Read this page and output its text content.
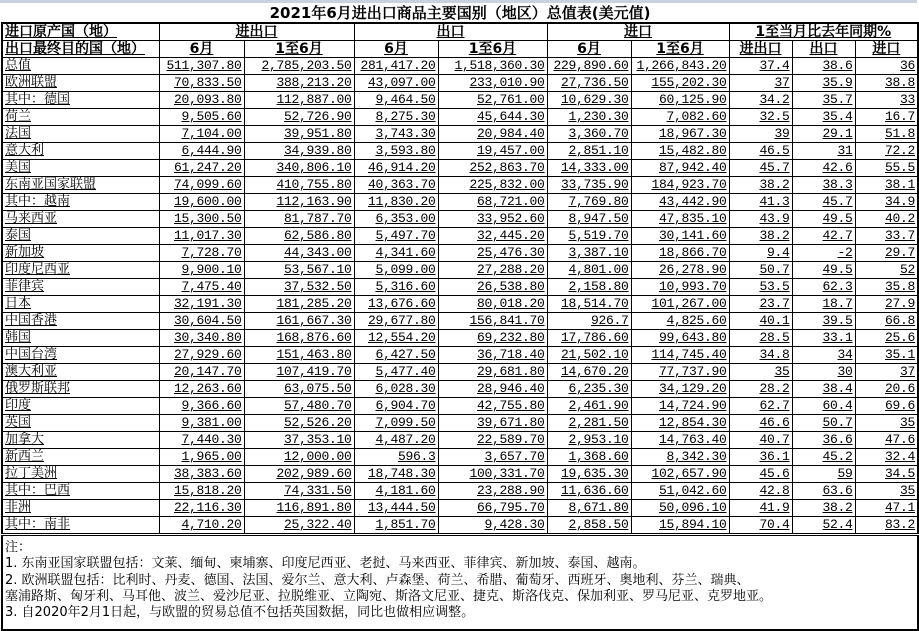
2021年6月进出口商品主要国别（地区）总值表(美元值)									
进口原产国（地）	进出口		出口		进口		1至当月比去年同期%		
出口最终目的国（地）	6月	1至6月	6月	1至6月	6月	1至6月	进出口	出口	进口
总值	511,307.80	2,785,203.50	281,417.20	1,518,360.30	229,890.60	1,266,843.20	37.4	38.6	36
欧洲联盟	70,833.50	388,213.20	43,097.00	233,010.90	27,736.50	155,202.30	37	35.9	38.8
其中：德国	20,093.80	112,887.00	9,464.50	52,761.00	10,629.30	60,125.90	34.2	35.7	33
荷兰	9,505.60	52,726.90	8,275.30	45,644.30	1,230.30	7,082.60	32.5	35.4	16.7
法国	7,104.00	39,951.80	3,743.30	20,984.40	3,360.70	18,967.30	39	29.1	51.8
意大利	6,444.90	34,939.80	3,593.80	19,457.00	2,851.10	15,482.80	46.5	31	72.2
美国	61,247.20	340,806.10	46,914.20	252,863.70	14,333.00	87,942.40	45.7	42.6	55.5
东南亚国家联盟	74,099.60	410,755.80	40,363.70	225,832.00	33,735.90	184,923.70	38.2	38.3	38.1
其中：越南	19,600.00	112,163.90	11,830.20	68,721.00	7,769.80	43,442.90	41.3	45.7	34.9
马来西亚	15,300.50	81,787.70	6,353.00	33,952.60	8,947.50	47,835.10	43.9	49.5	40.2
泰国	11,017.30	62,586.80	5,497.70	32,445.20	5,519.70	30,141.60	38.2	42.7	33.7
新加坡	7,728.70	44,343.00	4,341.60	25,476.30	3,387.10	18,866.70	9.4	-2	29.7
印度尼西亚	9,900.10	53,567.10	5,099.00	27,288.20	4,801.00	26,278.90	50.7	49.5	52
菲律宾	7,475.40	37,532.50	5,316.60	26,538.80	2,158.80	10,993.70	53.5	62.3	35.8
日本	32,191.30	181,285.20	13,676.60	80,018.20	18,514.70	101,267.00	23.7	18.7	27.9
中国香港	30,604.50	161,667.30	29,677.80	156,841.70	926.7	4,825.60	40.1	39.5	66.8
韩国	30,340.80	168,876.60	12,554.20	69,232.80	17,786.60	99,643.80	28.5	33.1	25.6
中国台湾	27,929.60	151,463.80	6,427.50	36,718.40	21,502.10	114,745.40	34.8	34	35.1
澳大利亚	20,147.70	107,419.70	5,477.40	29,681.80	14,670.20	77,737.90	35	30	37
俄罗斯联邦	12,263.60	63,075.50	6,028.30	28,946.40	6,235.30	34,129.20	28.2	38.4	20.6
印度	9,366.60	57,480.70	6,904.70	42,755.80	2,461.90	14,724.90	62.7	60.4	69.6
英国	9,381.00	52,526.20	7,099.50	39,671.80	2,281.50	12,854.30	46.6	50.7	35
加拿大	7,440.30	37,353.10	4,487.20	22,589.70	2,953.10	14,763.40	40.7	36.6	47.6
新西兰	1,965.00	12,000.00	596.3	3,657.70	1,368.60	8,342.30	36.1	45.2	32.4
拉丁美洲	38,383.60	202,989.60	18,748.30	100,331.70	19,635.30	102,657.90	45.6	59	34.5
其中：巴西	15,818.20	74,331.50	4,181.60	23,288.90	11,636.60	51,042.60	42.8	63.6	35
非洲	22,116.30	116,891.80	13,444.50	66,795.70	8,671.80	50,096.10	41.9	38.2	47.1
其中：南非	4,710.20	25,322.40	1,851.70	9,428.30	2,858.50	15,894.10	70.4	52.4	83.2
注：
1. 东南亚国家联盟包括：文莱、缅甸、柬埔寨、印度尼西亚、老挝、马来西亚、菲律宾、新加坡、泰国、越南。
2. 欧洲联盟包括：比利时、丹麦、德国、法国、爱尔兰、意大利、卢森堡、荷兰、希腊、葡萄牙、西班牙、奥地利、芬兰、瑞典、
塞浦路斯、匈牙利、马耳他、波兰、爱沙尼亚、拉脱维亚、立陶宛、斯洛文尼亚、捷克、斯洛伐克、保加利亚、罗马尼亚、克罗地亚。
3. 自2020年2月1日起，与欧盟的贸易总值不包括英国数据，同比也做相应调整。
